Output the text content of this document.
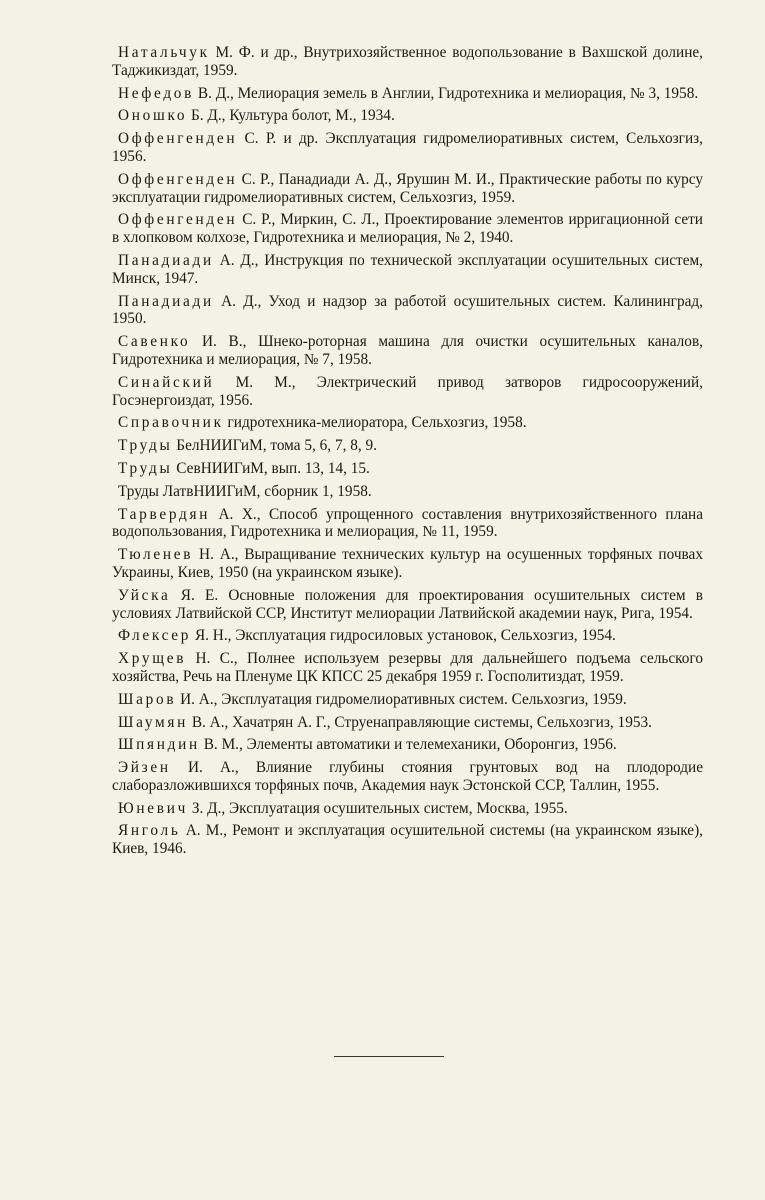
Натальчук М. Ф. и др., Внутрихозяйственное водопользование в Вахшской долине, Таджикиздат, 1959.

Нефедов В. Д., Мелиорация земель в Англии, Гидротехника и мелиорация, № 3, 1958.

Оношко Б. Д., Культура болот, М., 1934.

Оффенгенден С. Р. и др. Эксплуатация гидромелиоративных систем, Сельхозгиз, 1956.

Оффенгенден С. Р., Панадиади А. Д., Ярушин М. И., Практические работы по курсу эксплуатации гидромелиоративных систем, Сельхозгиз, 1959.

Оффенгенден С. Р., Миркин, С. Л., Проектирование элементов ирригационной сети в хлопковом колхозе, Гидротехника и мелиорация, № 2, 1940.

Панадиади А. Д., Инструкция по технической эксплуатации осушительных систем, Минск, 1947.

Панадиади А. Д., Уход и надзор за работой осушительных систем. Калининград, 1950.

Савенко И. В., Шнеко-роторная машина для очистки осушительных каналов, Гидротехника и мелиорация, № 7, 1958.

Синайский М. М., Электрический привод затворов гидросооружений, Госэнергоиздат, 1956.

Справочник гидротехника-мелиоратора, Сельхозгиз, 1958.

Труды БелНИИГиМ, тома 5, 6, 7, 8, 9.

Труды СевНИИГиМ, вып. 13, 14, 15.

Труды ЛатвНИИГиМ, сборник 1, 1958.

Тарвердян А. Х., Способ упрощенного составления внутрихозяйственного плана водопользования, Гидротехника и мелиорация, № 11, 1959.

Тюленев Н. А., Выращивание технических культур на осушенных торфяных почвах Украины, Киев, 1950 (на украинском языке).

Уйска Я. Е. Основные положения для проектирования осушительных систем в условиях Латвийской ССР, Институт мелиорации Латвийской академии наук, Рига, 1954.

Флексер Я. Н., Эксплуатация гидросиловых установок, Сельхозгиз, 1954.

Хрущев Н. С., Полнее используем резервы для дальнейшего подъема сельского хозяйства, Речь на Пленуме ЦК КПСС 25 декабря 1959 г. Госполитиздат, 1959.

Шаров И. А., Эксплуатация гидромелиоративных систем. Сельхозгиз, 1959.

Шаумян В. А., Хачатрян А. Г., Струенаправляющие системы, Сельхозгиз, 1953.

Шпяндин В. М., Элементы автоматики и телемеханики, Оборонгиз, 1956.

Эйзен И. А., Влияние глубины стояния грунтовых вод на плодородие слаборазложившихся торфяных почв, Академия наук Эстонской ССР, Таллин, 1955.

Юневич З. Д., Эксплуатация осушительных систем, Москва, 1955.

Янголь А. М., Ремонт и эксплуатация осушительной системы (на украинском языке), Киев, 1946.
